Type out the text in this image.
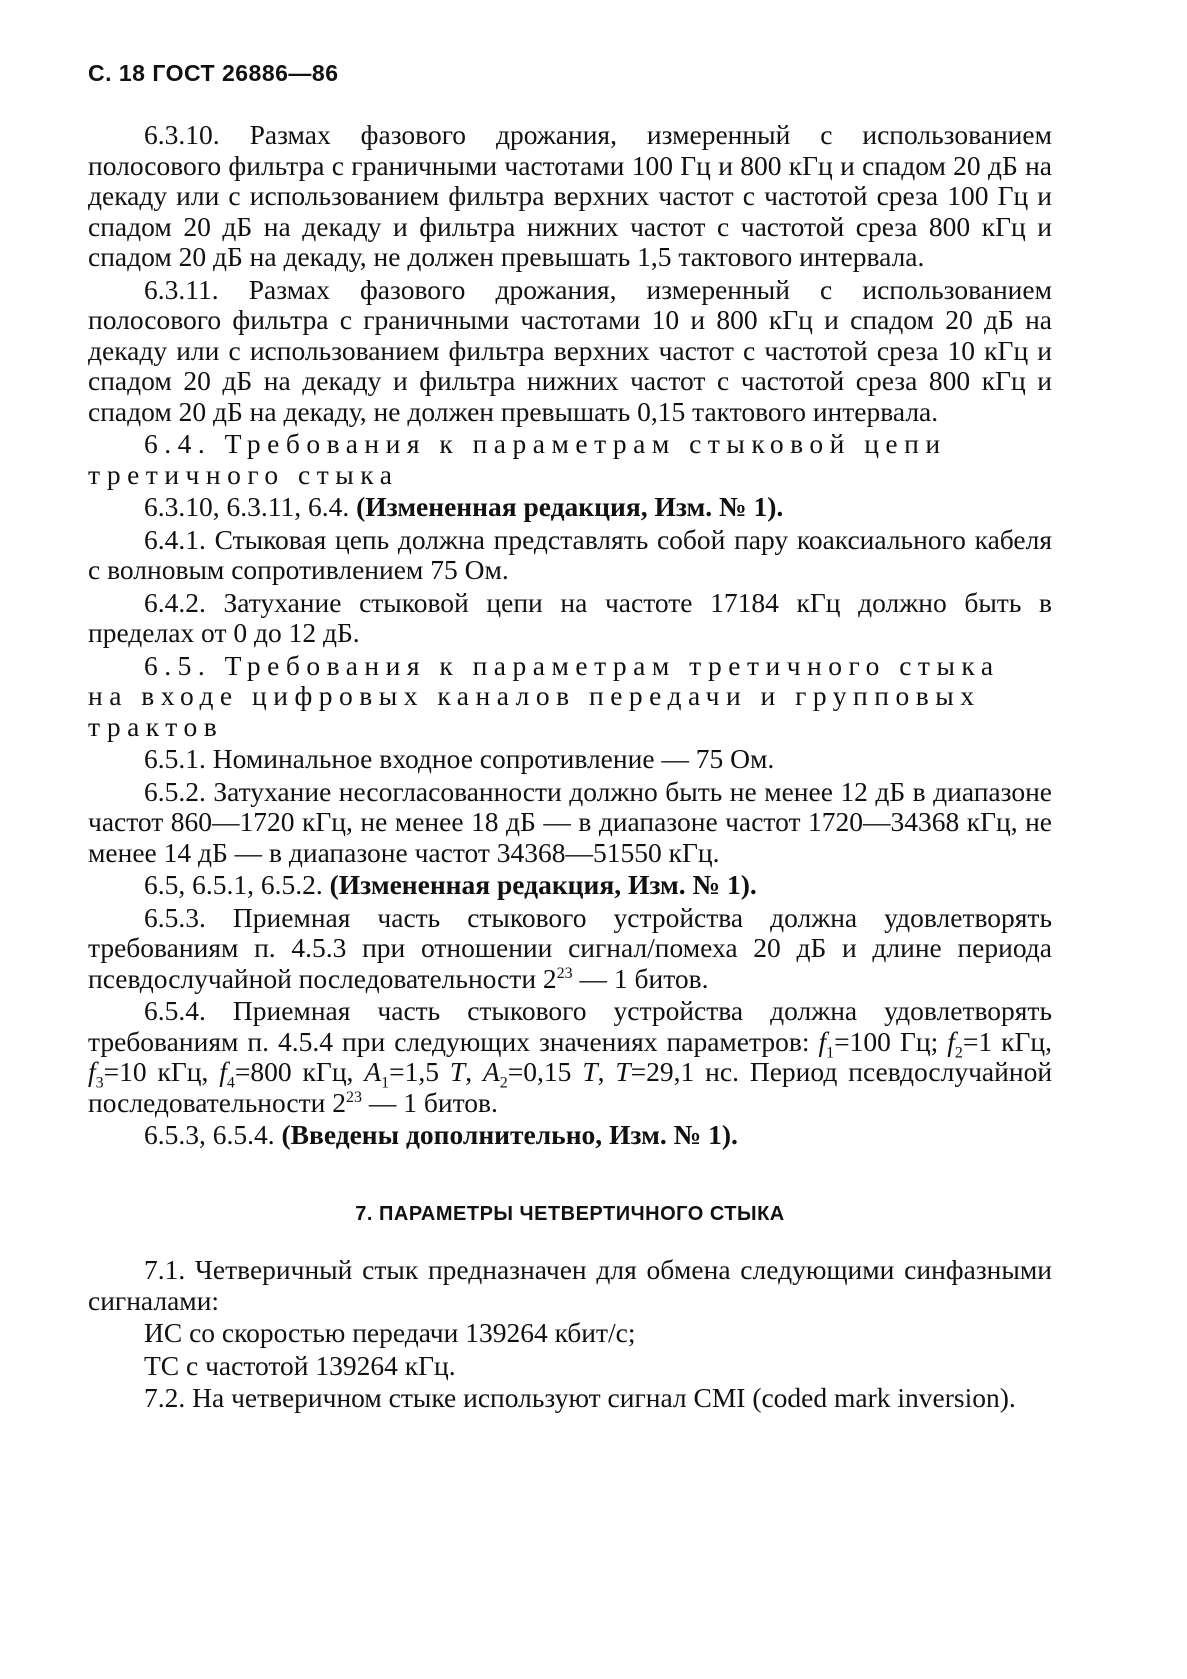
С. 18 ГОСТ 26886—86

6.3.10. Размах фазового дрожания, измеренный с использованием полосового фильтра с граничными частотами 100 Гц и 800 кГц и спадом 20 дБ на декаду или с использованием фильтра верхних частот с частотой среза 100 Гц и спадом 20 дБ на декаду и фильтра нижних частот с частотой среза 800 кГц и спадом 20 дБ на декаду, не должен превышать 1,5 тактового интервала.

6.3.11. Размах фазового дрожания, измеренный с использованием полосового фильтра с граничными частотами 10 и 800 кГц и спадом 20 дБ на декаду или с использованием фильтра верхних частот с частотой среза 10 кГц и спадом 20 дБ на декаду и фильтра нижних частот с частотой среза 800 кГц и спадом 20 дБ на декаду, не должен превышать 0,15 тактового интервала.

6.4. Требования к параметрам стыковой цепи третичного стыка

6.3.10, 6.3.11, 6.4. (Измененная редакция, Изм. № 1).

6.4.1. Стыковая цепь должна представлять собой пару коаксиального кабеля с волновым сопротивлением 75 Ом.

6.4.2. Затухание стыковой цепи на частоте 17184 кГц должно быть в пределах от 0 до 12 дБ.

6.5. Требования к параметрам третичного стыка на входе цифровых каналов передачи и групповых трактов

6.5.1. Номинальное входное сопротивление — 75 Ом.

6.5.2. Затухание несогласованности должно быть не менее 12 дБ в диапазоне частот 860—1720 кГц, не менее 18 дБ — в диапазоне частот 1720—34368 кГц, не менее 14 дБ — в диапазоне частот 34368—51550 кГц.

6.5, 6.5.1, 6.5.2. (Измененная редакция, Изм. № 1).

6.5.3. Приемная часть стыкового устройства должна удовлетворять требованиям п. 4.5.3 при отношении сигнал/помеха 20 дБ и длине периода псевдослучайной последовательности $2^{23}$ — 1 битов.

6.5.4. Приемная часть стыкового устройства должна удовлетворять требованиям п. 4.5.4 при следующих значениях параметров: $f_1=100$ Гц; $f_2=1$ кГц, $f_3=10$ кГц, $f_4=800$ кГц, $A_1=1,5$ T, $A_2=0,15$ T, T=29,1 нс. Период псевдослучайной последовательности $2^{23}$ — 1 битов.

6.5.3, 6.5.4. (Введены дополнительно, Изм. № 1).

7. ПАРАМЕТРЫ ЧЕТВЕРТИЧНОГО СТЫКА

7.1. Четверичный стык предназначен для обмена следующими синфазными сигналами:

ИС со скоростью передачи 139264 кбит/с;

ТС с частотой 139264 кГц.

7.2. На четверичном стыке используют сигнал CMI (coded mark inversion).
